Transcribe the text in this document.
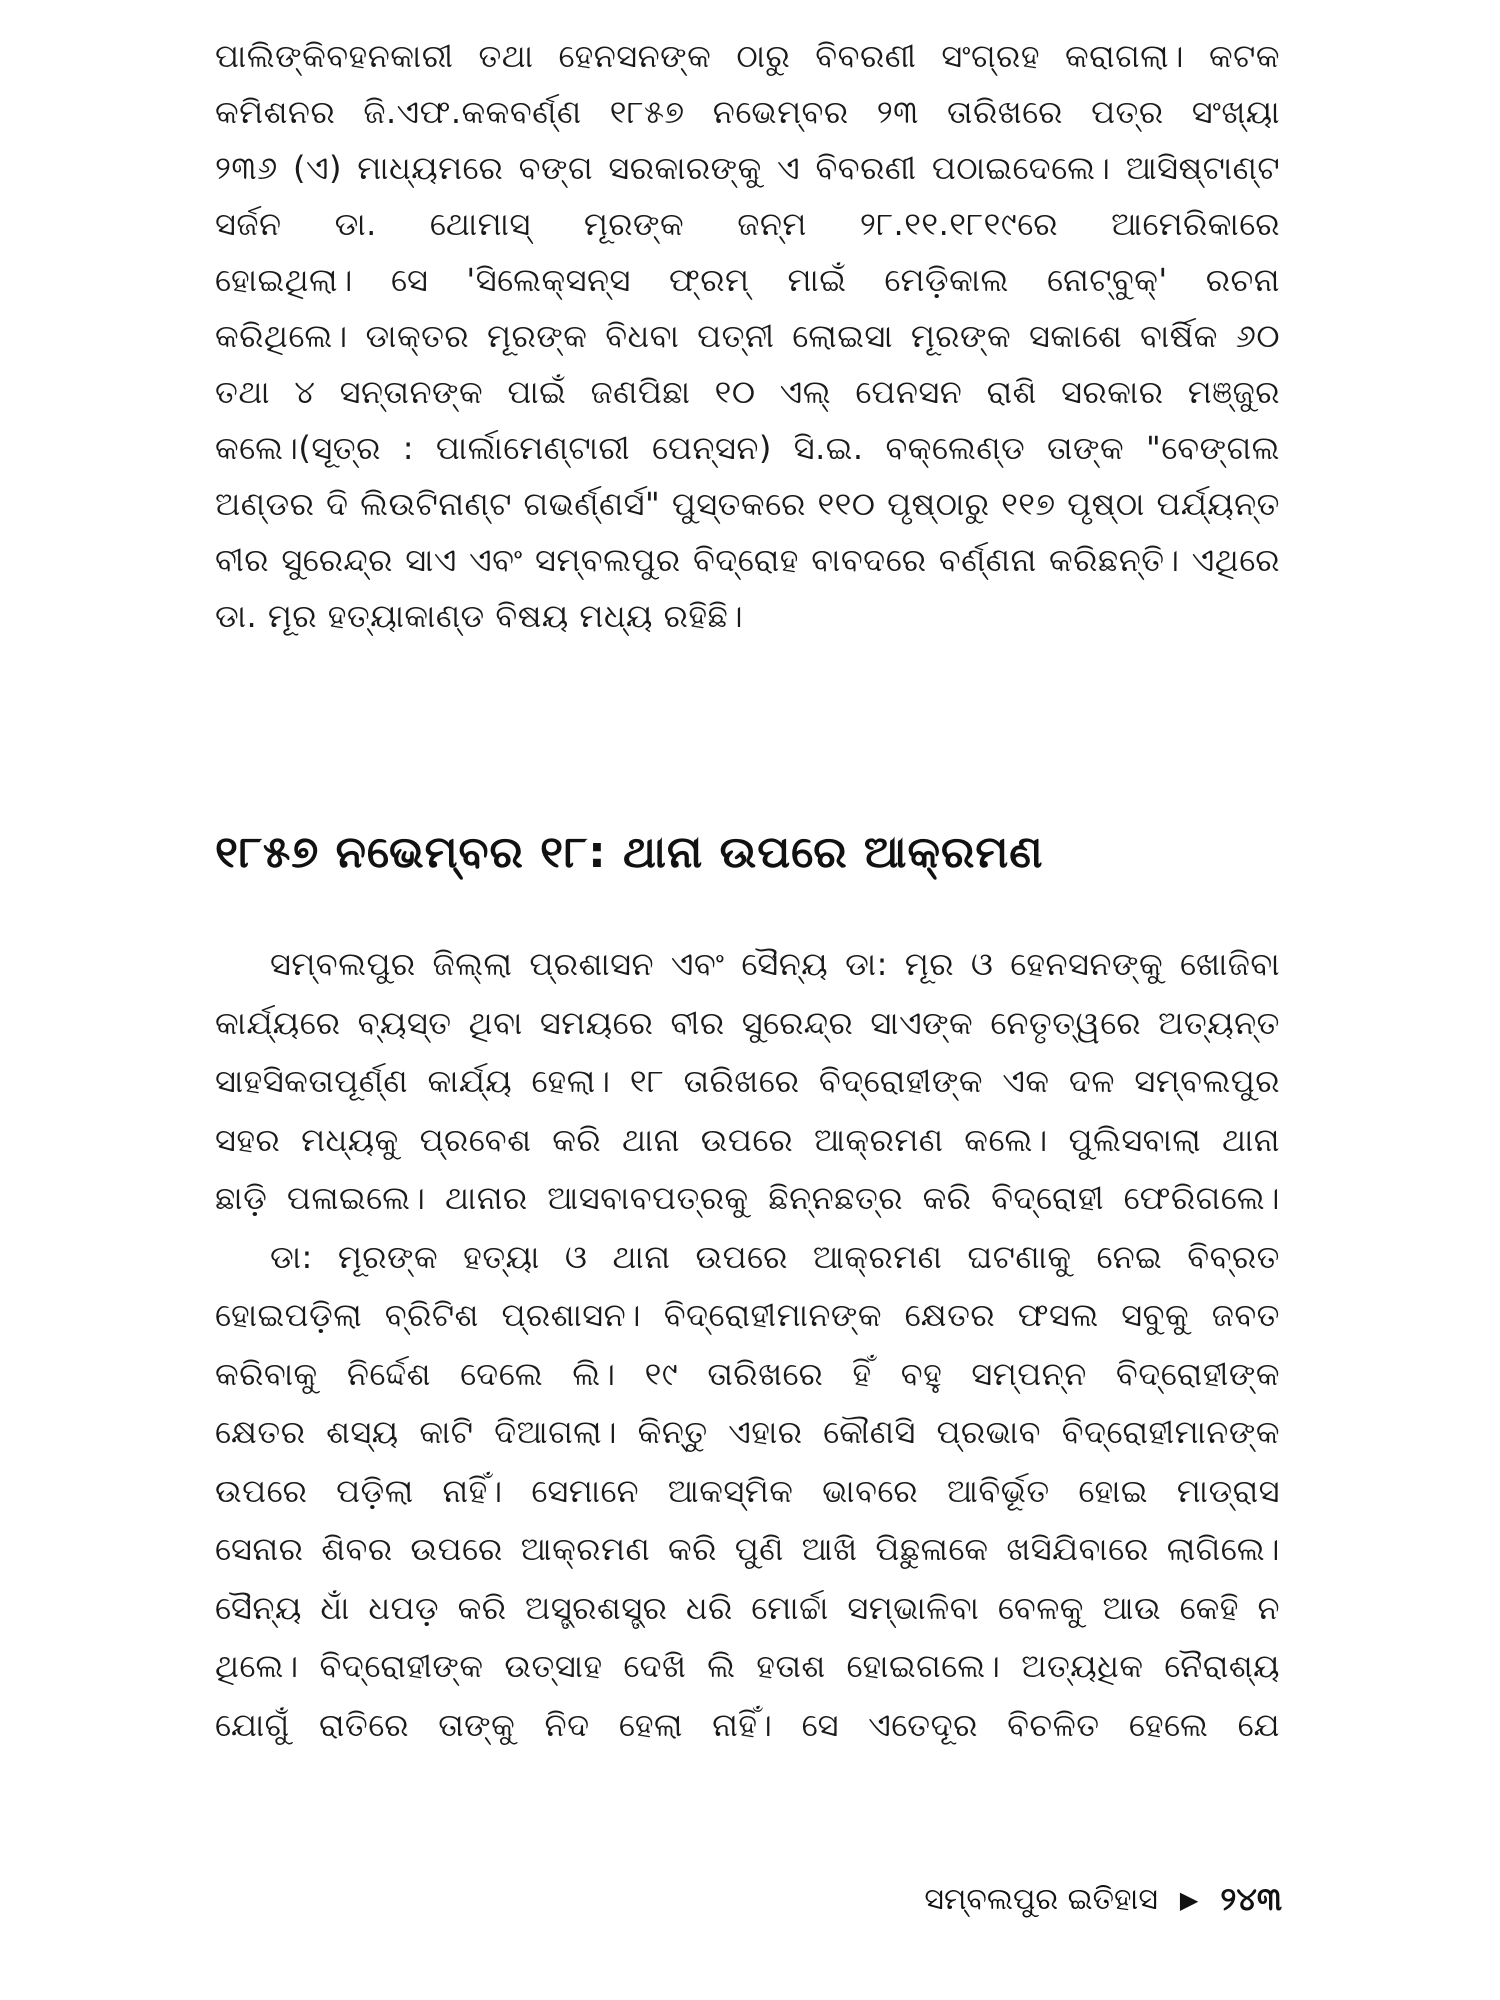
ପାଲିଙ୍କିବହନକାରୀ ତଥା ହେନସନଙ୍କ ଠାରୁ ବିବରଣୀ ସଂଗ୍ରହ କରାଗଲା। କଟକ
କମିଶନର ଜି.ଏଫ.କକବର୍ଣ୍ଣ ୧୮୫୭ ନଭେମ୍ବର ୨୩ ତାରିଖରେ ପତ୍ର ସଂଖ୍ୟା
୨୩୬ (ଏ) ମାଧ୍ୟମରେ ବଙ୍ଗ ସରକାରଙ୍କୁ ଏ ବିବରଣୀ ପଠାଇଦେଲେ। ଆସିଷ୍ଟାଣ୍ଟ
ସର୍ଜନ ଡା. ଥୋମାସ୍ ମୂରଙ୍କ ଜନ୍ମ ୨୮.୧୧.୧୮୧୯ରେ ଆମେରିକାରେ
ହୋଇଥିଲା। ସେ 'ସିଲେକ୍ସନ୍ସ ଫ୍ରମ୍ ମାଇଁ ମେଡ଼ିକାଲ ନୋଟ୍‌ବୁକ୍' ରଚନା
କରିଥିଲେ। ଡାକ୍ତର ମୂରଙ୍କ ବିଧବା ପତ୍ନୀ ଲୋଇସା ମୂରଙ୍କ ସକାଶେ ବାର୍ଷିକ ୬୦
ତଥା ୪ ସନ୍ତାନଙ୍କ ପାଇଁ ଜଣପିଛା ୧୦ ଏଲ୍ ପେନସନ ରାଶି ସରକାର ମଞ୍ଜୁର
କଲେ।(ସୂତ୍ର : ପାର୍ଲାମେଣ୍ଟାରୀ ପେନ୍‌ସନ) ସି.ଇ. ବକ୍‌ଲେଣ୍ଡ ତାଙ୍କ "ବେଙ୍ଗଲ
ଅଣ୍ଡର ଦି ଲିଉଟିନାଣ୍ଟ ଗଭର୍ଣ୍ଣର୍ସ" ପୁସ୍ତକରେ ୧୧୦ ପୃଷ୍ଠାରୁ ୧୧୭ ପୃଷ୍ଠା ପର୍ଯ୍ୟନ୍ତ
ବୀର ସୁରେନ୍ଦ୍ର ସାଏ ଏବଂ ସମ୍ବଲପୁର ବିଦ୍ରୋହ ବାବଦରେ ବର୍ଣ୍ଣନା କରିଛନ୍ତି। ଏଥିରେ
ଡା. ମୂର ହତ୍ୟାକାଣ୍ଡ ବିଷୟ ମଧ୍ୟ ରହିଛି।
୧୮୫୭ ନଭେମ୍ବର ୧୮: ଥାନା ଉପରେ ଆକ୍ରମଣ
ସମ୍ବଲପୁର ଜିଲ୍ଲା ପ୍ରଶାସନ ଏବଂ ସୈନ୍ୟ ଡା: ମୂର ଓ ହେନସନଙ୍କୁ ଖୋଜିବା
କାର୍ଯ୍ୟରେ ବ୍ୟସ୍ତ ଥିବା ସମୟରେ ବୀର ସୁରେନ୍ଦ୍ର ସାଏଙ୍କ ନେତୃତ୍ୱରେ ଅତ୍ୟନ୍ତ
ସାହସିକତାପୂର୍ଣ୍ଣ କାର୍ଯ୍ୟ ହେଲା। ୧୮ ତାରିଖରେ ବିଦ୍ରୋହୀଙ୍କ ଏକ ଦଳ ସମ୍ବଲପୁର
ସହର ମଧ୍ୟକୁ ପ୍ରବେଶ କରି ଥାନା ଉପରେ ଆକ୍ରମଣ କଲେ। ପୁଲିସବାଲା ଥାନା
ଛାଡ଼ି ପଳାଇଲେ। ଥାନାର ଆସବାବପତ୍ରକୁ ଛିନ୍ନଛତ୍ର କରି ବିଦ୍ରୋହୀ ଫେରିଗଲେ।
ଡା: ମୂରଙ୍କ ହତ୍ୟା ଓ ଥାନା ଉପରେ ଆକ୍ରମଣ ଘଟଣାକୁ ନେଇ ବିବ୍ରତ
ହୋଇପଡ଼ିଲା ବ୍ରିଟିଶ ପ୍ରଶାସନ। ବିଦ୍ରୋହୀମାନଙ୍କ କ୍ଷେତର ଫସଲ ସବୁକୁ ଜବତ
କରିବାକୁ ନିର୍ଦ୍ଦେଶ ଦେଲେ ଲି। ୧୯ ତାରିଖରେ ହିଁ ବହୁ ସମ୍ପନ୍ନ ବିଦ୍ରୋହୀଙ୍କ
କ୍ଷେତର ଶସ୍ୟ କାଟି ଦିଆଗଲା। କିନ୍ତୁ ଏହାର କୌଣସି ପ୍ରଭାବ ବିଦ୍ରୋହୀମାନଙ୍କ
ଉପରେ ପଡ଼ିଲା ନାହିଁ। ସେମାନେ ଆକସ୍ମିକ ଭାବରେ ଆବିର୍ଭୂତ ହୋଇ ମାଡ୍ରାସ
ସେନାର ଶିବର ଉପରେ ଆକ୍ରମଣ କରି ପୁଣି ଆଖି ପିଛୁଳାକେ ଖସିଯିବାରେ ଲାଗିଲେ।
ସୈନ୍ୟ ଧାଁ ଧପଡ଼ କରି ଅସ୍ତ୍ରଶସ୍ତ୍ର ଧରି ମୋର୍ଚ୍ଚା ସମ୍ଭାଳିବା ବେଳକୁ ଆଉ କେହି ନ
ଥିଲେ। ବିଦ୍ରୋହୀଙ୍କ ଉତ୍ସାହ ଦେଖି ଲି ହତାଶ ହୋଇଗଲେ। ଅତ୍ୟଧିକ ନୈରାଶ୍ୟ
ଯୋଗୁଁ ରାତିରେ ତାଙ୍କୁ ନିଦ ହେଲା ନାହିଁ। ସେ ଏତେଦୂର ବିଚଳିତ ହେଲେ ଯେ
ସମ୍ବଲପୁର ଇତିହାସ ▶ ୨୪୩
